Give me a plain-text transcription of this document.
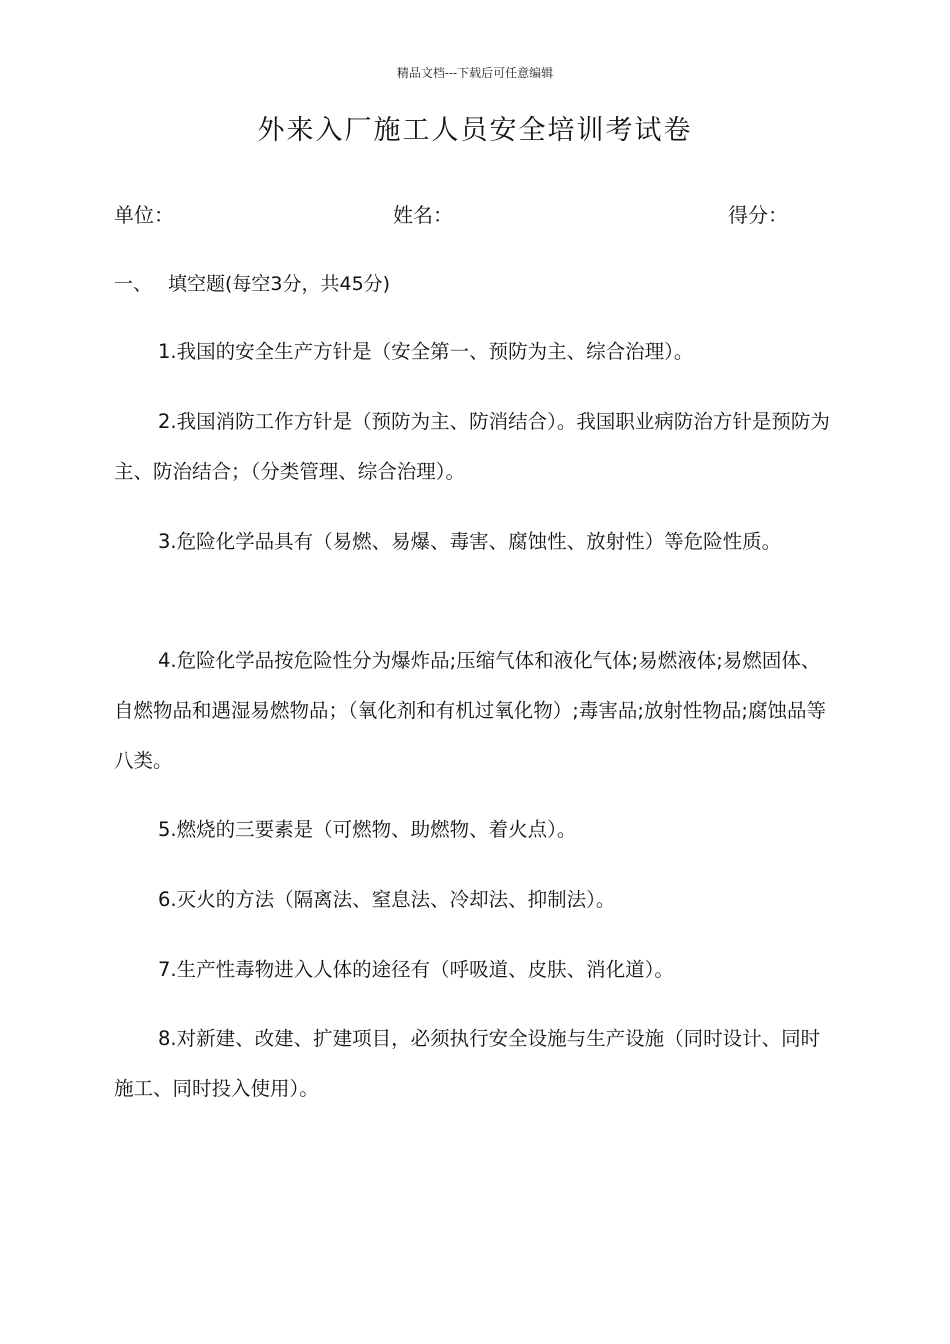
精品文档---下载后可任意编辑
外来入厂施工人员安全培训考试卷
单位：	姓名：	得分：
一、 填空题(每空3分，共45分)

1.我国的安全生产方针是（安全第一、预防为主、综合治理）。

2.我国消防工作方针是（预防为主、防消结合）。我国职业病防治方针是预防为主、防治结合；（分类管理、综合治理）。

3.危险化学品具有（易燃、易爆、毒害、腐蚀性、放射性）等危险性质。

4.危险化学品按危险性分为爆炸品;压缩气体和液化气体;易燃液体;易燃固体、自燃物品和遇湿易燃物品；（氧化剂和有机过氧化物）;毒害品;放射性物品;腐蚀品等八类。

5.燃烧的三要素是（可燃物、助燃物、着火点）。

6.灭火的方法（隔离法、窒息法、冷却法、抑制法）。

7.生产性毒物进入人体的途径有（呼吸道、皮肤、消化道）。

8.对新建、改建、扩建项目，必须执行安全设施与生产设施（同时设计、同时施工、同时投入使用）。
